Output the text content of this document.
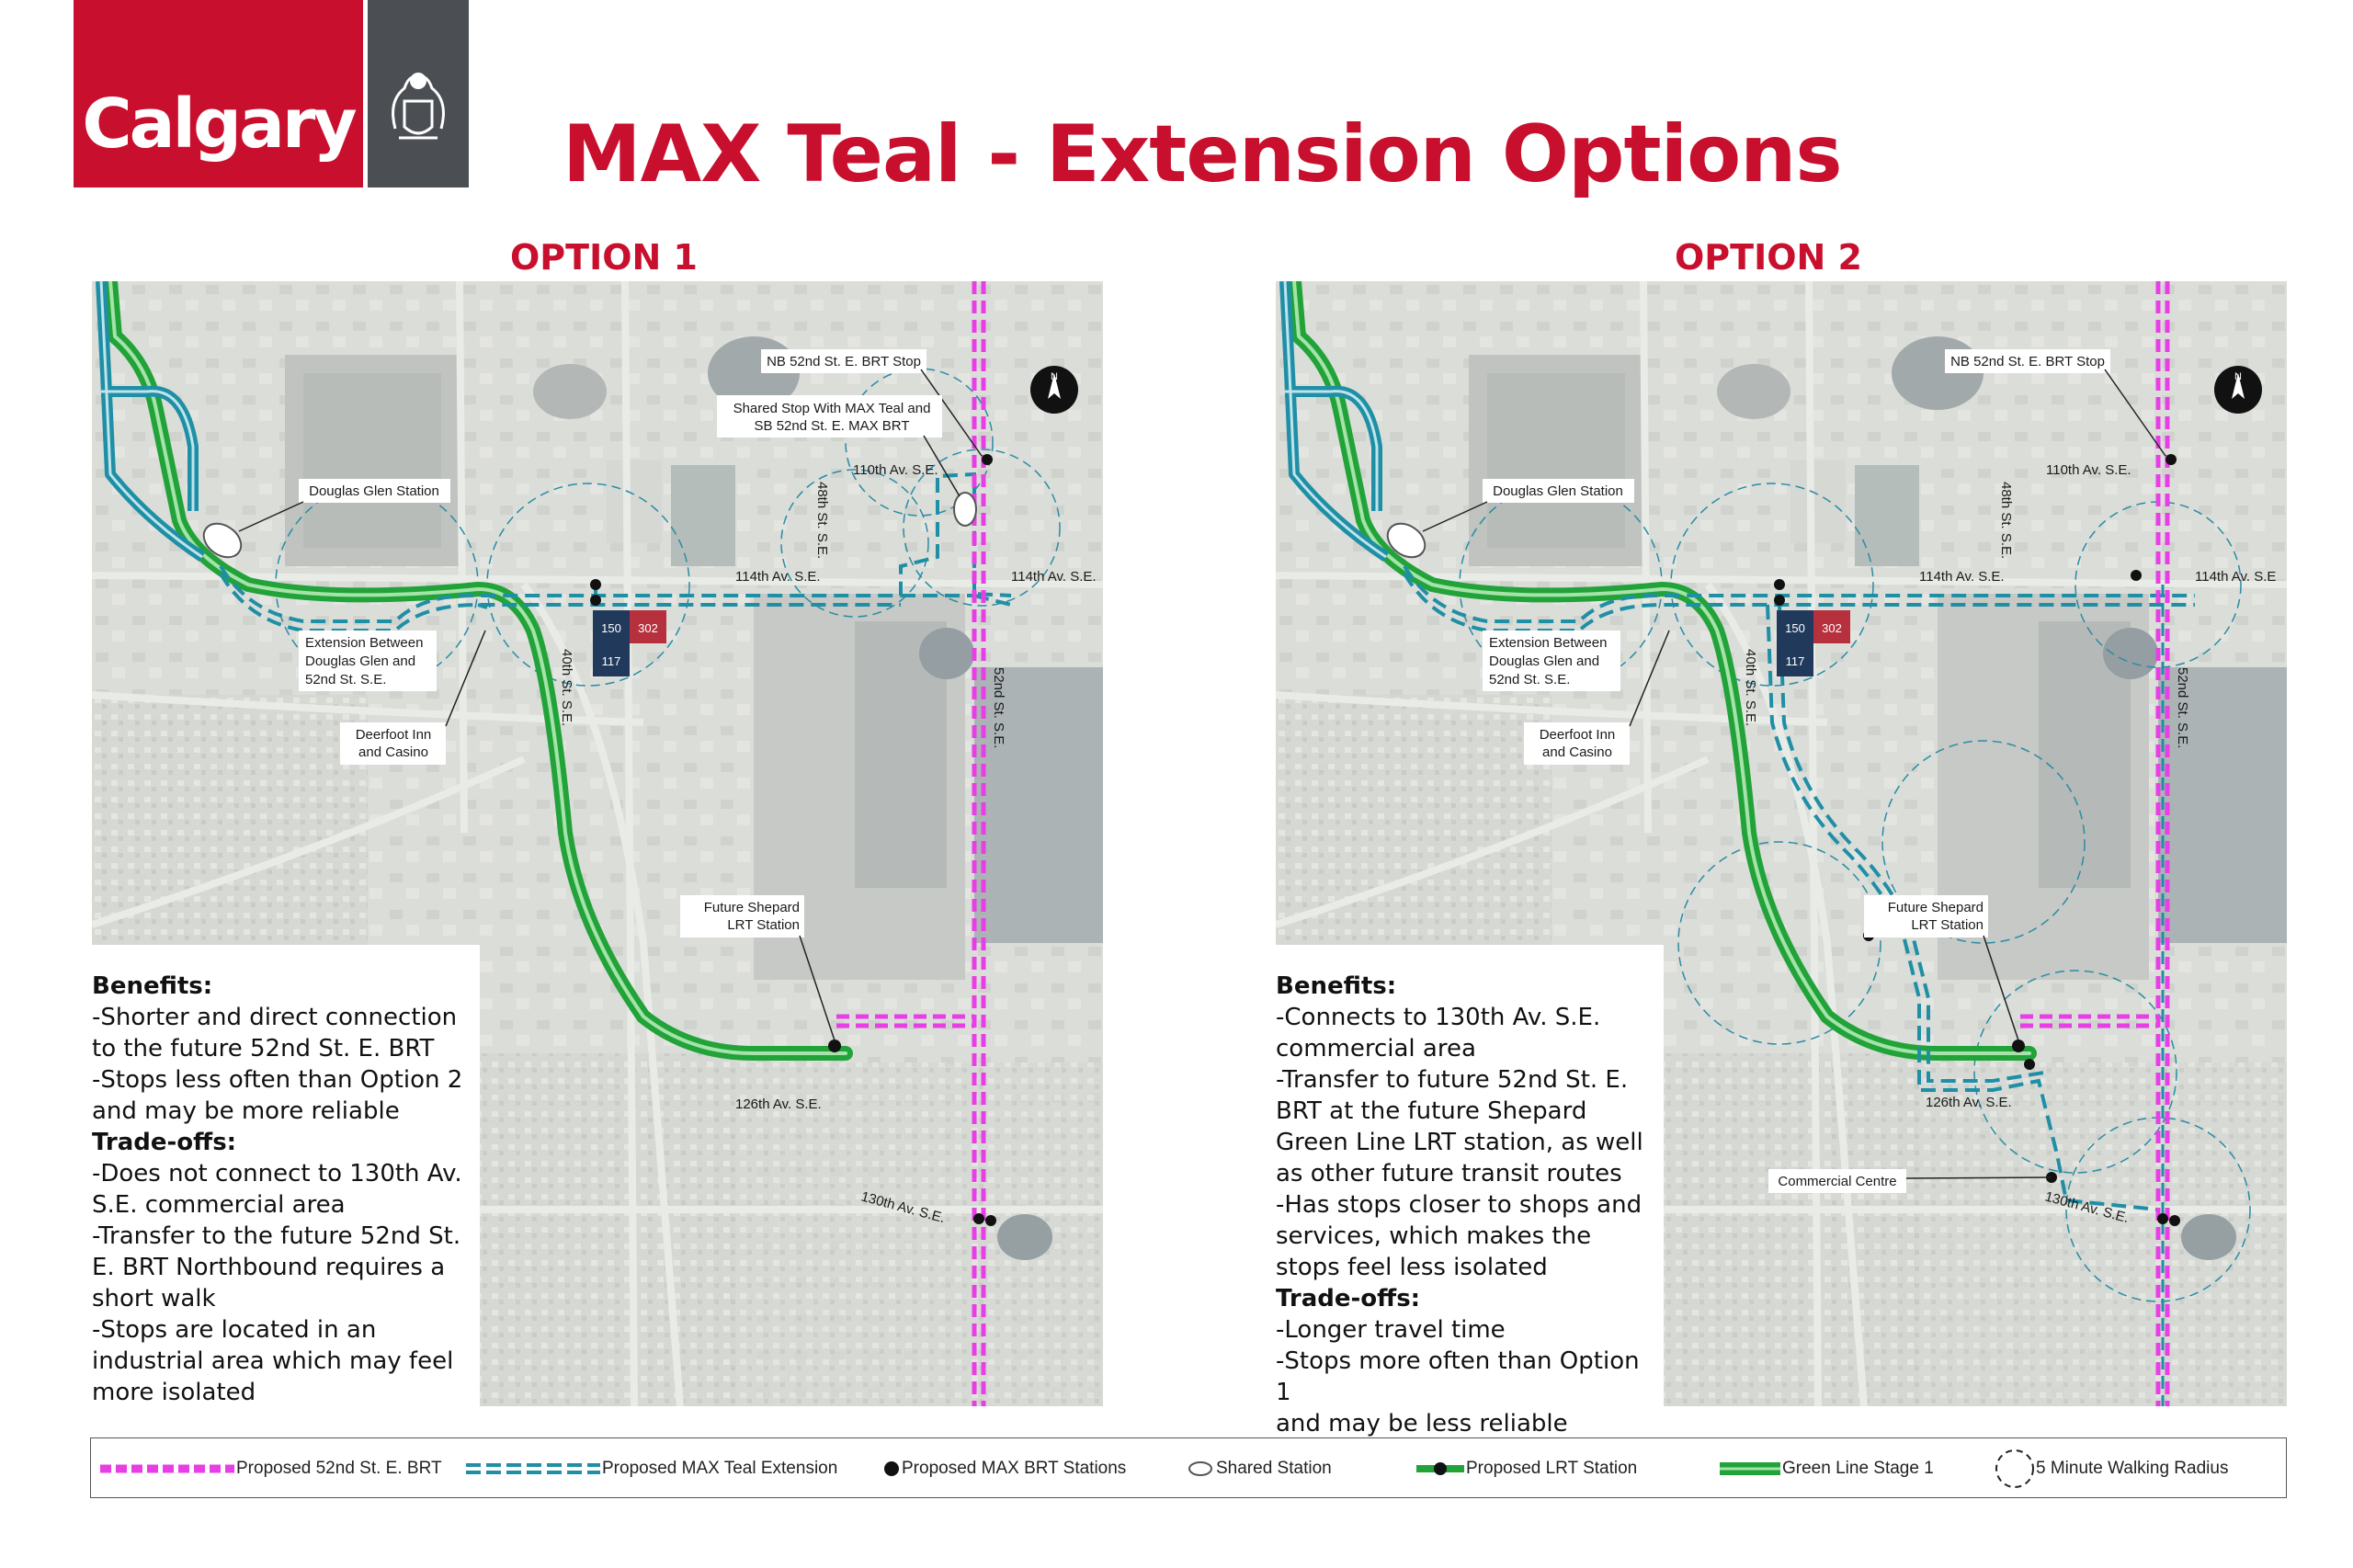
Calgary	MAX Teal - Extension Options
OPTION 1	OPTION 2
150 302
117
N
NB 52nd St. E. BRT Stop
Shared Stop With MAX Teal and
SB 52nd St. E. MAX BRT
Douglas Glen Station
Extension Between
Douglas Glen and
52nd St. S.E.
Deerfoot Inn
and Casino
Future Shepard
LRT Station
110th Av. S.E.
114th Av. S.E.	114th Av. S.E.
126th Av. S.E.
130th Av. S.E.
40th St. S.E.
48th St. S.E.
52nd St. S.E.
150 302
117
N
NB 52nd St. E. BRT Stop
Douglas Glen Station
Extension Between
Douglas Glen and
52nd St. S.E.
Deerfoot Inn
and Casino
Future Shepard
LRT Station
Commercial Centre
110th Av. S.E.
114th Av. S.E.	114th Av. S.E
126th Av. S.E.
130th Av. S.E.
40th St. S.E.
48th St. S.E.
52nd St. S.E.
Benefits:
-Shorter and direct connection
to the future 52nd St. E. BRT
-Stops less often than Option 2
and may be more reliable
Trade-offs:
-Does not connect to 130th Av.
S.E. commercial area
-Transfer to the future 52nd St.
E. BRT Northbound requires a
short walk
-Stops are located in an
industrial area which may feel
more isolated
Benefits:
-Connects to 130th Av. S.E.
commercial area
-Transfer to future 52nd St. E.
BRT at the future Shepard
Green Line LRT station, as well
as other future transit routes
-Has stops closer to shops and
services, which makes the
stops feel less isolated
Trade-offs:
-Longer travel time
-Stops more often than Option 1
and may be less reliable
Proposed 52nd St. E. BRT	Proposed MAX Teal Extension	Proposed MAX BRT Stations	Shared Station	Proposed LRT Station	Green Line Stage 1	5 Minute Walking Radius
